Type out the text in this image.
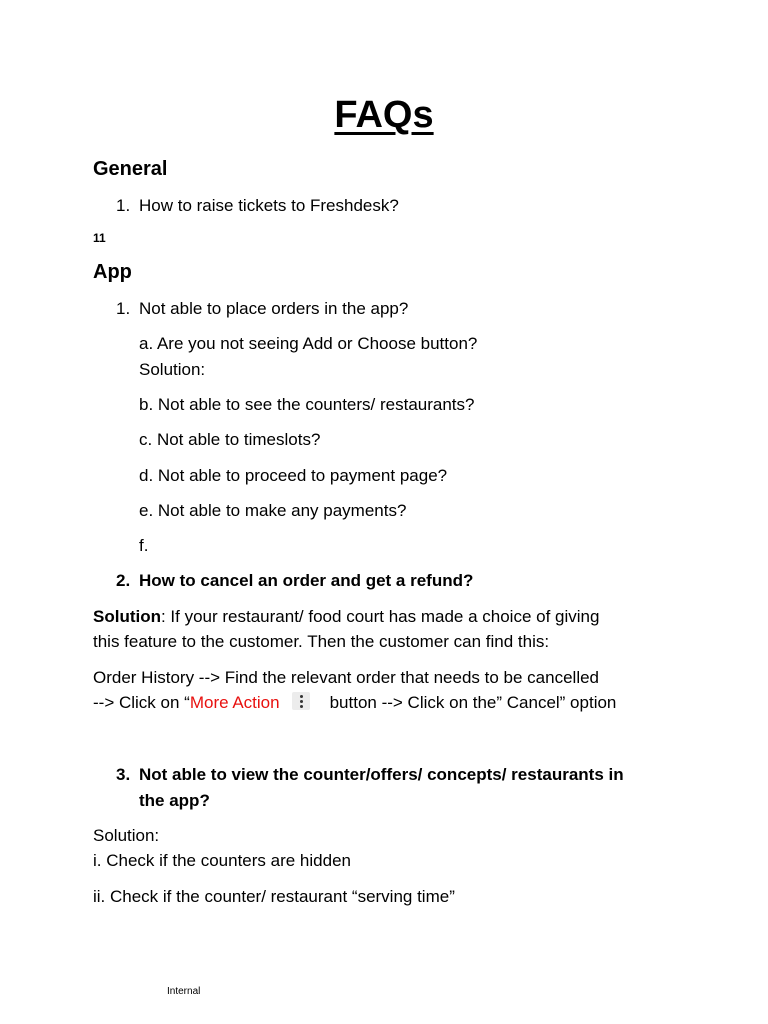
FAQs
General
1. How to raise tickets to Freshdesk?
11
App
1. Not able to place orders in the app?
a. Are you not seeing Add or Choose button?
Solution:
b. Not able to see the counters/ restaurants?
c. Not able to timeslots?
d. Not able to proceed to payment page?
e. Not able to make any payments?
f.
2. How to cancel an order and get a refund?
Solution: If your restaurant/ food court has made a choice of giving
this feature to the customer. Then the customer can find this:
Order History --> Find the relevant order that needs to be cancelled
--> Click on “More Action	button --> Click on the” Cancel” option
3. Not able to view the counter/offers/ concepts/ restaurants in
the app?
Solution:
i. Check if the counters are hidden
ii. Check if the counter/ restaurant “serving time”
Internal
